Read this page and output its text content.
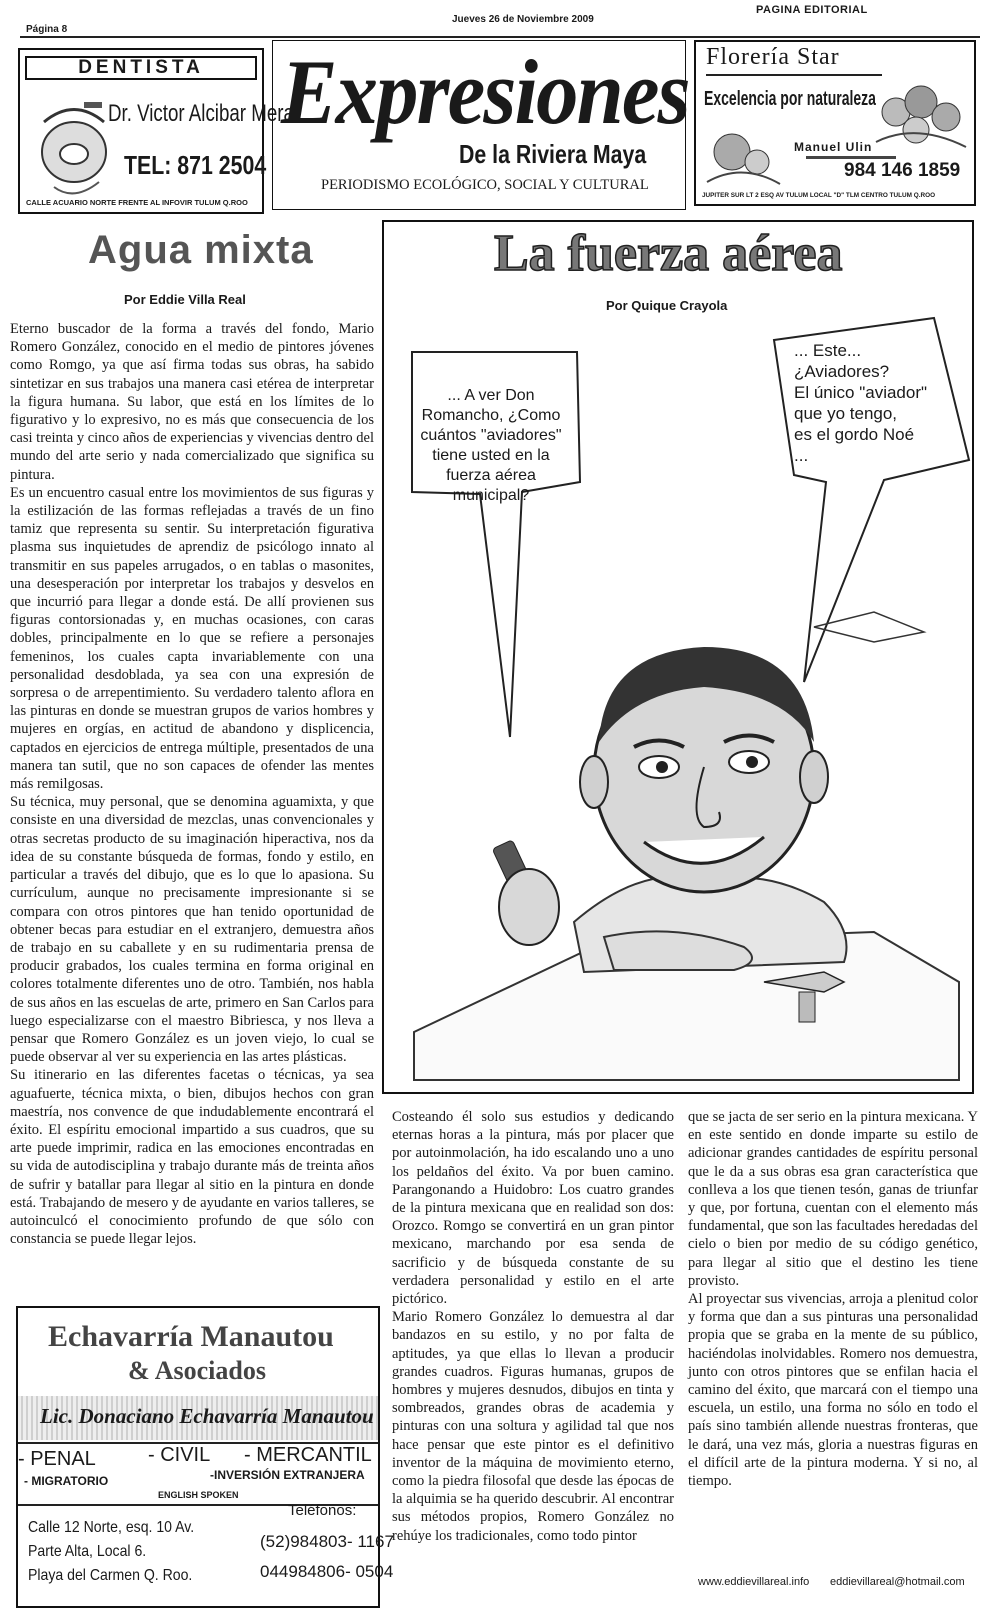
Página 8
Jueves 26 de Noviembre 2009
PAGINA EDITORIAL
DENTISTA
Dr. Victor Alcibar Mera
TEL: 871 2504
CALLE ACUARIO NORTE FRENTE AL INFOVIR TULUM Q.ROO
Expresiones
De la Riviera Maya
PERIODISMO ECOLÓGICO, SOCIAL Y CULTURAL
Florería Star
Excelencia por naturaleza
Manuel Ulin
984 146 1859
JUPITER SUR LT 2 ESQ AV TULUM LOCAL "D" TLM CENTRO TULUM Q.ROO
Agua mixta
Por Eddie Villa Real

Eterno buscador de la forma a través del fondo, Mario Romero González, conocido en el medio de pintores jóvenes como Romgo, ya que así firma todas sus obras, ha sabido sintetizar en sus trabajos una manera casi etérea de interpretar la figura humana. Su labor, que está en los límites de lo figurativo y lo expresivo, no es más que consecuencia de los casi treinta y cinco años de experiencias y vivencias dentro del mundo del arte serio y nada comercializado que significa su pintura.

Es un encuentro casual entre los movimientos de sus figuras y la estilización de las formas reflejadas a través de un fino tamiz que representa su sentir. Su interpretación figurativa plasma sus inquietudes de aprendiz de psicólogo innato al transmitir en sus papeles arrugados, o en tablas o masonites, una desesperación por interpretar los trabajos y desvelos en que incurrió para llegar a donde está. De allí provienen sus figuras contorsionadas y, en muchas ocasiones, con caras dobles, principalmente en lo que se refiere a personajes femeninos, los cuales capta invariablemente con una personalidad desdoblada, ya sea con una expresión de sorpresa o de arrepentimiento. Su verdadero talento aflora en las pinturas en donde se muestran grupos de varios hombres y mujeres en orgías, en actitud de abandono y displicencia, captados en ejercicios de entrega múltiple, presentados de una manera tan sutil, que no son capaces de ofender las mentes más remilgosas.

Su técnica, muy personal, que se denomina aguamixta, y que consiste en una diversidad de mezclas, unas convencionales y otras secretas producto de su imaginación hiperactiva, nos da idea de su constante búsqueda de formas, fondo y estilo, en particular a través del dibujo, que es lo que lo apasiona. Su currículum, aunque no precisamente impresionante si se compara con otros pintores que han tenido oportunidad de obtener becas para estudiar en el extranjero, demuestra años de trabajo en su caballete y en su rudimentaria prensa de producir grabados, los cuales termina en forma original en colores totalmente diferentes uno de otro. También, nos habla de sus años en las escuelas de arte, primero en San Carlos para luego especializarse con el maestro Bibriesca, y nos lleva a pensar que Romero González es un joven viejo, lo cual se puede observar al ver su experiencia en las artes plásticas.

Su itinerario en las diferentes facetas o técnicas, ya sea aguafuerte, técnica mixta, o bien, dibujos hechos con gran maestría, nos convence de que indudablemente encontrará el éxito. El espíritu emocional impartido a sus cuadros, que su arte puede imprimir, radica en las emociones encontradas en su vida de autodisciplina y trabajo durante más de treinta años de sufrir y batallar para llegar al sitio en la pintura en donde está. Trabajando de mesero y de ayudante en varios talleres, se autoinculcó el conocimiento profundo de que sólo con constancia se puede llegar lejos.

La fuerza aérea
Por Quique Crayola
... A ver Don Romancho, ¿Como cuántos "aviadores" tiene usted en la fuerza aérea municipal?
... Este...
¿Aviadores?
El único "aviador"
que yo tengo,
es el gordo Noé
...

Costeando él solo sus estudios y dedicando eternas horas a la pintura, más por placer que por autoinmolación, ha ido escalando uno a uno los peldaños del éxito. Va por buen camino. Parangonando a Huidobro: Los cuatro grandes de la pintura mexicana que en realidad son dos: Orozco. Romgo se convertirá en un gran pintor mexicano, marchando por esa senda de sacrificio y de búsqueda constante de su verdadera personalidad y estilo en el arte pictórico.

Mario Romero González lo demuestra al dar bandazos en su estilo, y no por falta de aptitudes, ya que ellas lo llevan a producir grandes cuadros. Figuras humanas, grupos de hombres y mujeres desnudos, dibujos en tinta y sombreados, grandes obras de academia y pinturas con una soltura y agilidad tal que nos hace pensar que este pintor es el definitivo inventor de la máquina de movimiento eterno, como la piedra filosofal que desde las épocas de la alquimia se ha querido descubrir. Al encontrar sus métodos propios, Romero González no rehúye los tradicionales, como todo pintor

que se jacta de ser serio en la pintura mexicana. Y en este sentido en donde imparte su estilo de adicionar grandes cantidades de espíritu personal que le da a sus obras esa gran característica que conlleva a los que tienen tesón, ganas de triunfar y que, por fortuna, cuentan con el elemento más fundamental, que son las facultades heredadas del cielo o bien por medio de su código genético, para llegar al sitio que el destino les tiene provisto.

Al proyectar sus vivencias, arroja a plenitud color y forma que dan a sus pinturas una personalidad propia que se graba en la mente de su público, haciéndolas inolvidables. Romero nos demuestra, junto con otros pintores que se enfilan hacia el camino del éxito, que marcará con el tiempo una escuela, un estilo, una forma no sólo en todo el país sino también allende nuestras fronteras, que le dará, una vez más, gloria a nuestras figuras en el difícil arte de la pintura moderna. Y si no, al tiempo.

www.eddievillareal.info eddievillareal@hotmail.com
Echavarría Manautou
& Asociados
Lic. Donaciano Echavarría Manautou
- PENAL	- CIVIL - MERCANTIL
- MIGRATORIO	-INVERSIÓN EXTRANJERA
ENGLISH SPOKEN
Calle 12 Norte, esq. 10 Av.
Parte Alta, Local 6.
Playa del Carmen Q. Roo.
Teléfonos:
(52)984803- 1167
044984806- 0504
